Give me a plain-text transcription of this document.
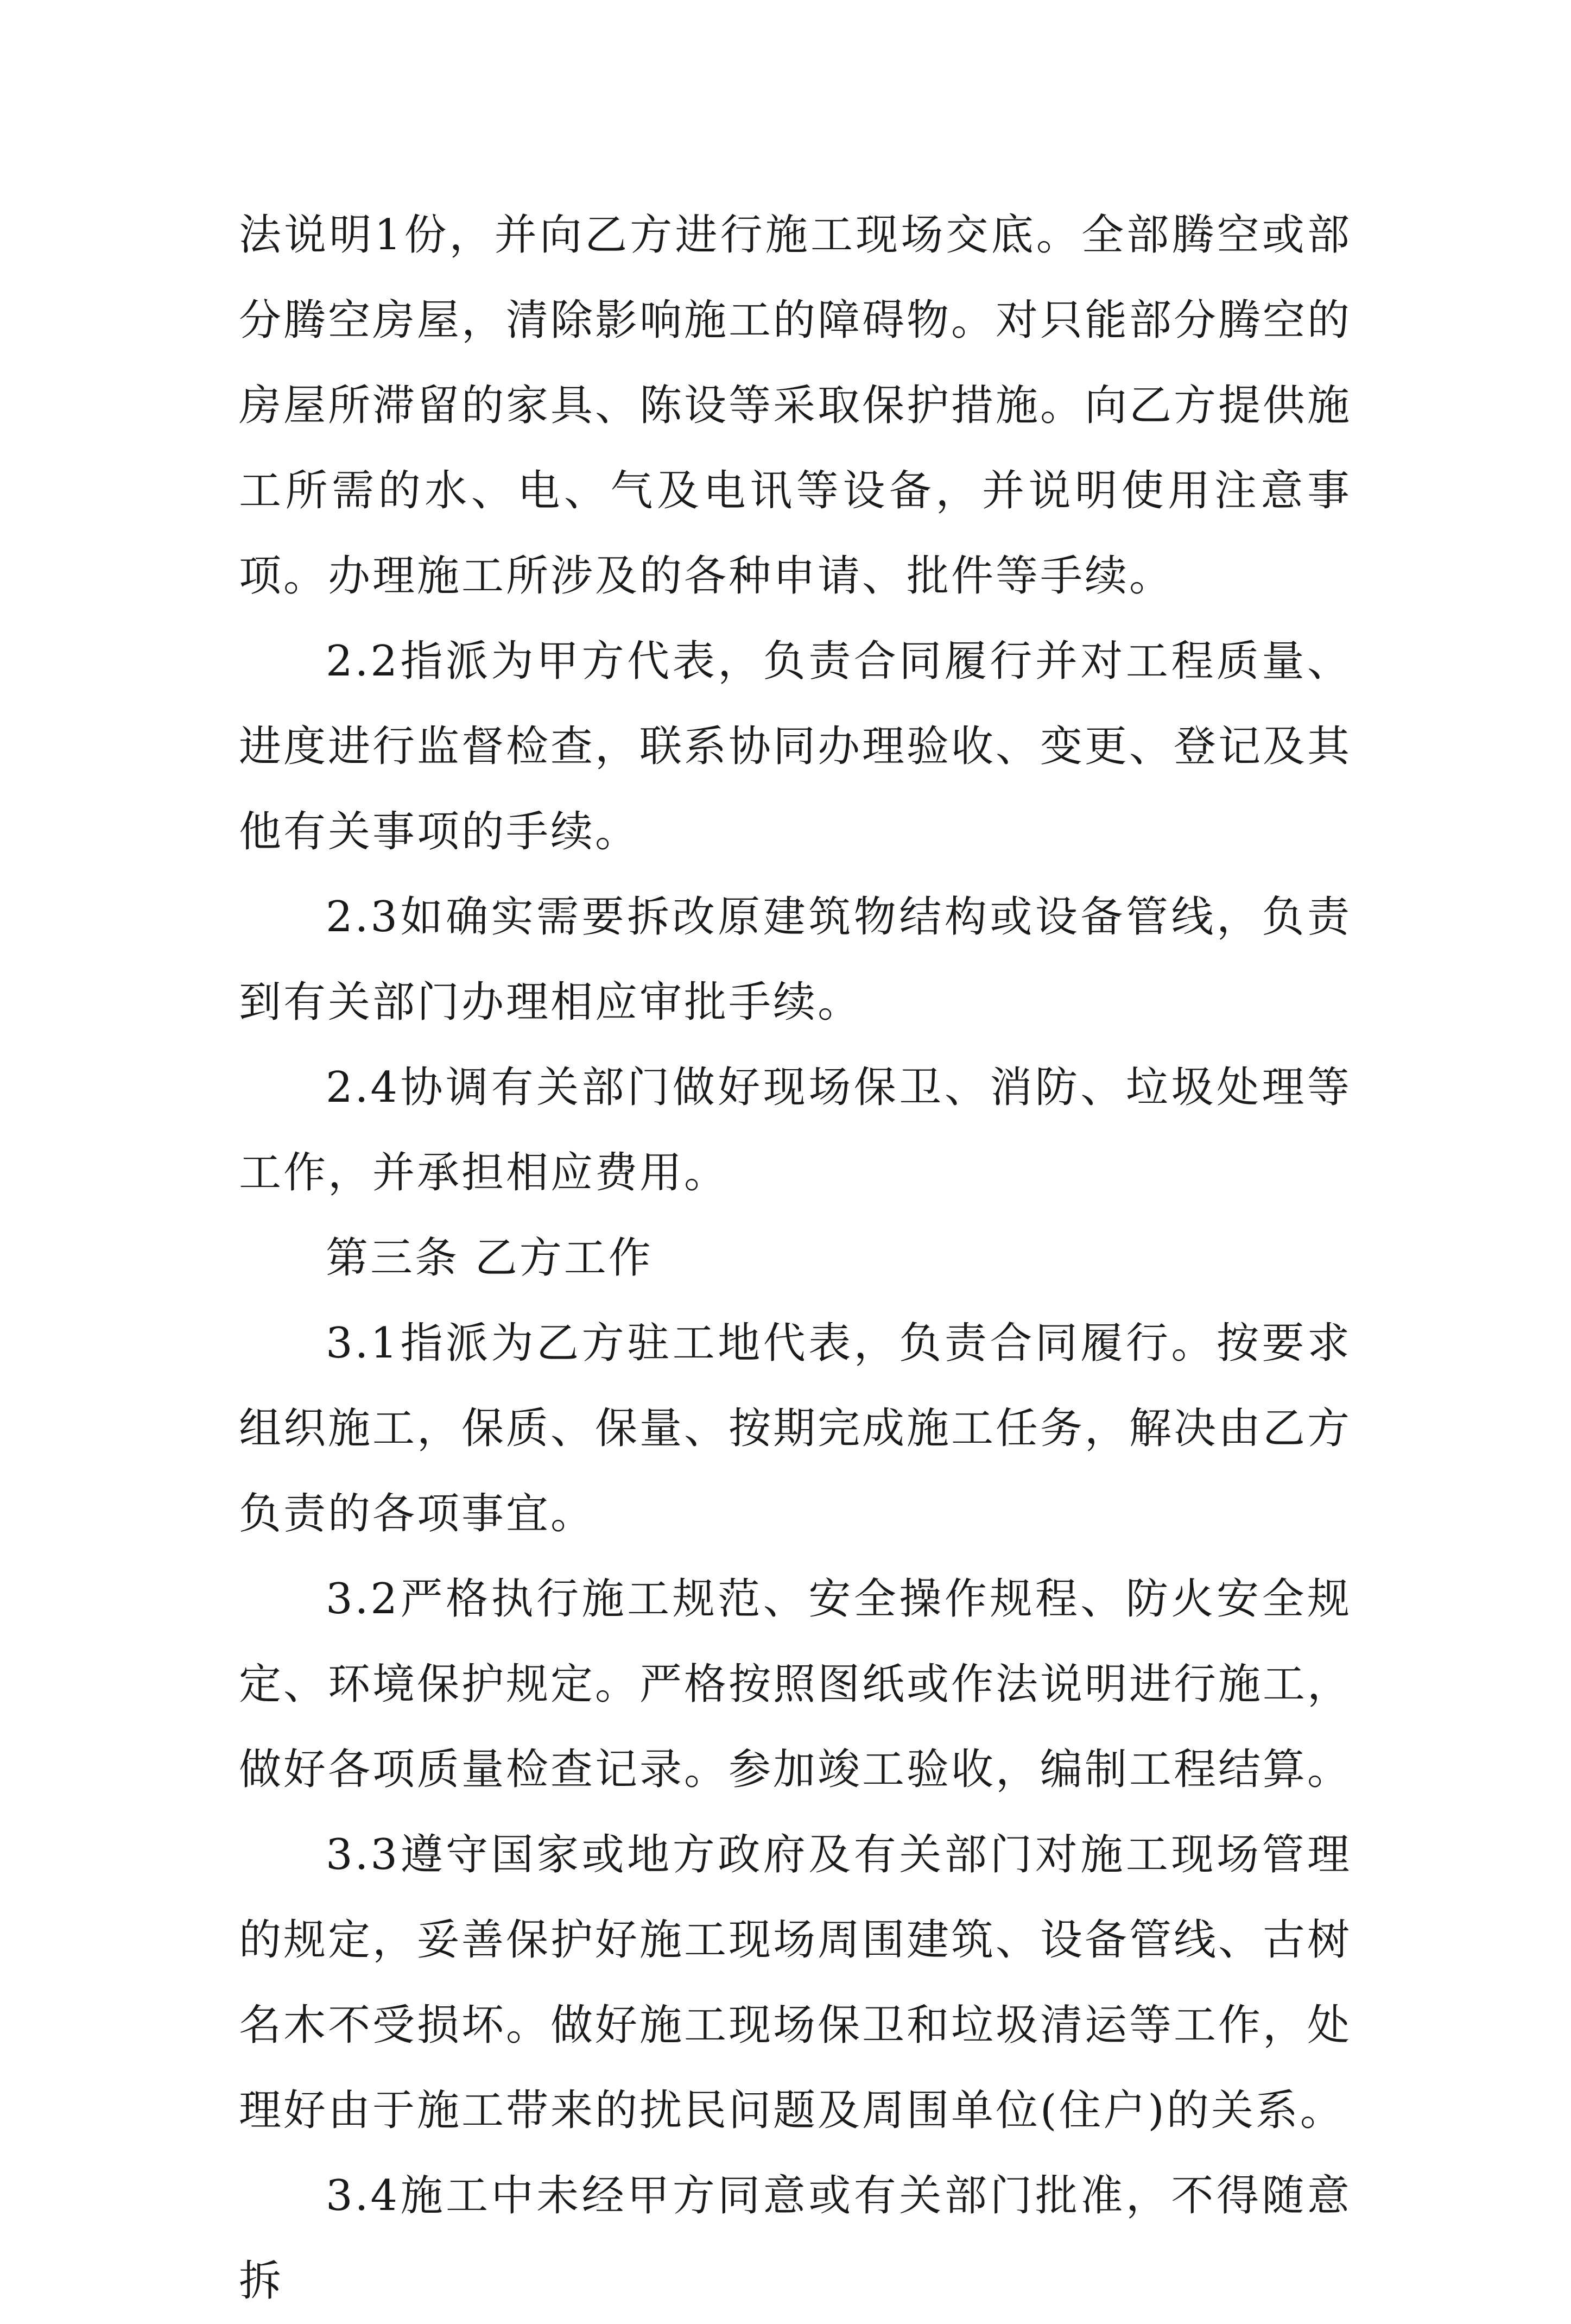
法说明1份，并向乙方进行施工现场交底。全部腾空或部分腾空房屋，清除影响施工的障碍物。对只能部分腾空的房屋所滞留的家具、陈设等采取保护措施。向乙方提供施工所需的水、电、气及电讯等设备，并说明使用注意事项。办理施工所涉及的各种申请、批件等手续。

2.2指派为甲方代表，负责合同履行并对工程质量、进度进行监督检查，联系协同办理验收、变更、登记及其他有关事项的手续。

2.3如确实需要拆改原建筑物结构或设备管线，负责到有关部门办理相应审批手续。

2.4协调有关部门做好现场保卫、消防、垃圾处理等工作，并承担相应费用。

第三条 乙方工作

3.1指派为乙方驻工地代表，负责合同履行。按要求组织施工，保质、保量、按期完成施工任务，解决由乙方负责的各项事宜。

3.2严格执行施工规范、安全操作规程、防火安全规定、环境保护规定。严格按照图纸或作法说明进行施工，做好各项质量检查记录。参加竣工验收，编制工程结算。

3.3遵守国家或地方政府及有关部门对施工现场管理的规定，妥善保护好施工现场周围建筑、设备管线、古树名木不受损坏。做好施工现场保卫和垃圾清运等工作，处理好由于施工带来的扰民问题及周围单位(住户)的关系。

3.4施工中未经甲方同意或有关部门批准，不得随意拆
